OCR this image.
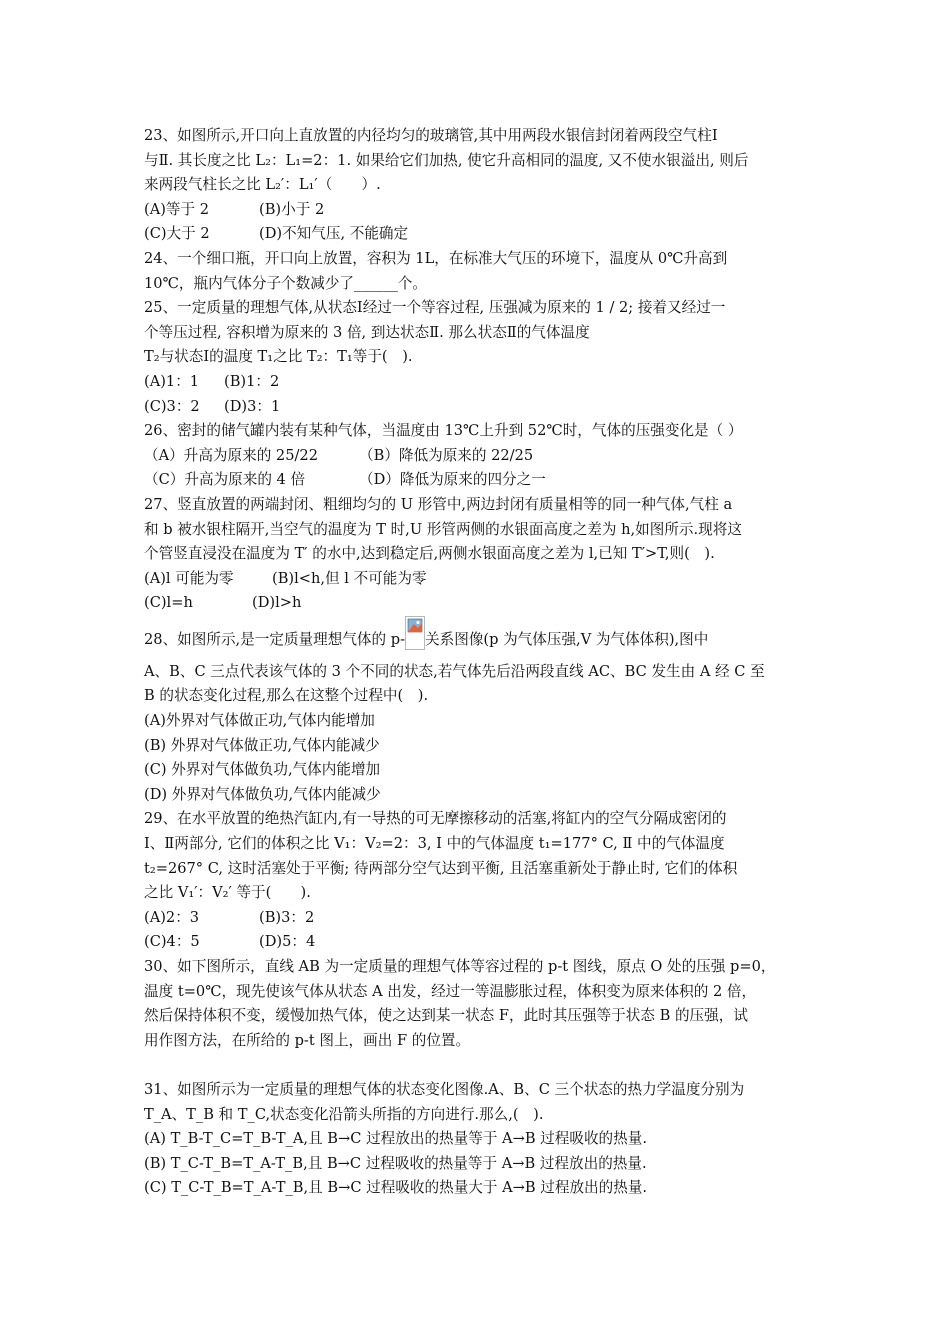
23、如图所示,开口向上直放置的内径均匀的玻璃管,其中用两段水银信封闭着两段空气柱Ⅰ
与Ⅱ. 其长度之比 L₂：L₁=2：1. 如果给它们加热, 使它升高相同的温度, 又不使水银溢出, 则后
来两段气柱长之比 L₂′：L₁′（　　）.
(A)等于 2	(B)小于 2
(C)大于 2	(D)不知气压, 不能确定
24、一个细口瓶，开口向上放置，容积为 1L，在标准大气压的环境下，温度从 0℃升高到
10℃，瓶内气体分子个数减少了______个。
25、一定质量的理想气体,从状态Ⅰ经过一个等容过程, 压强减为原来的 1 / 2; 接着又经过一
个等压过程, 容积增为原来的 3 倍, 到达状态Ⅱ. 那么状态Ⅱ的气体温度
T₂与状态Ⅰ的温度 T₁之比 T₂：T₁等于(　).
(A)1：1 (B)1：2
(C)3：2 (D)3：1
26、密封的储气罐内装有某种气体，当温度由 13℃上升到 52℃时，气体的压强变化是（ ）
（A）升高为原来的 25/22	（B）降低为原来的 22/25
（C）升高为原来的 4 倍	（D）降低为原来的四分之一
27、竖直放置的两端封闭、粗细均匀的 U 形管中,两边封闭有质量相等的同一种气体,气柱 a
和 b 被水银柱隔开,当空气的温度为 T 时,U 形管两侧的水银面高度之差为 h,如图所示.现将这
个管竖直浸没在温度为 T′ 的水中,达到稳定后,两侧水银面高度之差为 l,已知 T′>T,则(　).
(A)l 可能为零	(B)l<h,但 l 不可能为零
(C)l=h	(D)l>h
28、如图所示,是一定质量理想气体的 p- 关系图像(p 为气体压强,V 为气体体积),图中
A、B、C 三点代表该气体的 3 个不同的状态,若气体先后沿两段直线 AC、BC 发生由 A 经 C 至
B 的状态变化过程,那么在这整个过程中(　).
(A)外界对气体做正功,气体内能增加
(B) 外界对气体做正功,气体内能减少
(C) 外界对气体做负功,气体内能增加
(D) 外界对气体做负功,气体内能减少
29、在水平放置的绝热汽缸内,有一导热的可无摩擦移动的活塞,将缸内的空气分隔成密闭的
Ⅰ、Ⅱ两部分, 它们的体积之比 V₁：V₂=2：3, Ⅰ 中的气体温度 t₁=177° C, Ⅱ 中的气体温度
t₂=267° C, 这时活塞处于平衡; 待两部分空气达到平衡, 且活塞重新处于静止时, 它们的体积
之比 V₁′：V₂′ 等于(　　).
(A)2：3	(B)3：2
(C)4：5	(D)5：4
30、如下图所示，直线 AB 为一定质量的理想气体等容过程的 p-t 图线，原点 O 处的压强 p=0，
温度 t=0℃，现先使该气体从状态 A 出发，经过一等温膨胀过程，体积变为原来体积的 2 倍，
然后保持体积不变，缓慢加热气体，使之达到某一状态 F，此时其压强等于状态 B 的压强，试
用作图方法，在所给的 p-t 图上，画出 F 的位置。
31、如图所示为一定质量的理想气体的状态变化图像.A、B、C 三个状态的热力学温度分别为
T_A、T_B 和 T_C,状态变化沿箭头所指的方向进行.那么,(　).
(A) T_B-T_C=T_B-T_A,且 B→C 过程放出的热量等于 A→B 过程吸收的热量.
(B) T_C-T_B=T_A-T_B,且 B→C 过程吸收的热量等于 A→B 过程放出的热量.
(C) T_C-T_B=T_A-T_B,且 B→C 过程吸收的热量大于 A→B 过程放出的热量.
